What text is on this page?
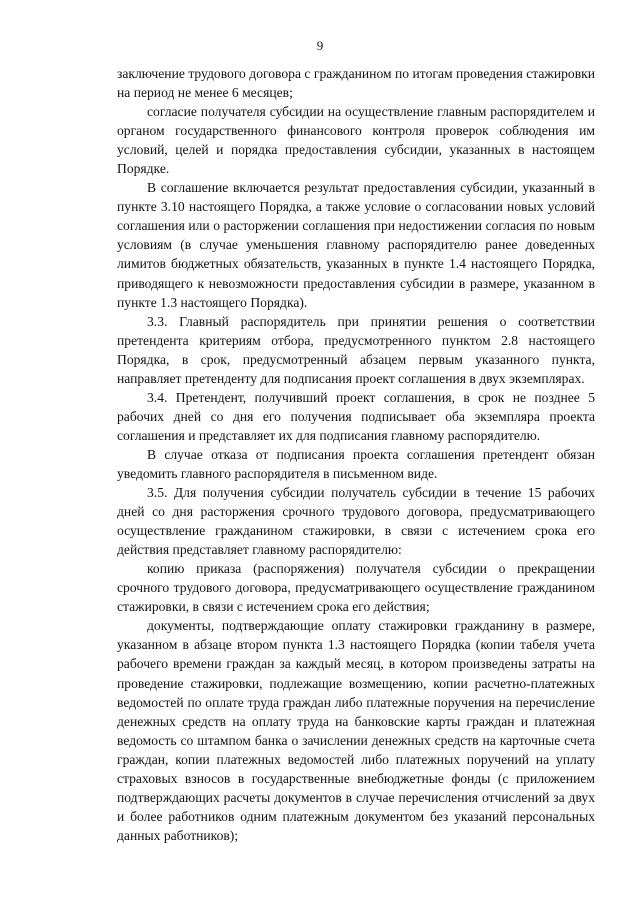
9

заключение трудового договора с гражданином по итогам проведения стажировки на период не менее 6 месяцев;

согласие получателя субсидии на осуществление главным распорядителем и органом государственного финансового контроля проверок соблюдения им условий, целей и порядка предоставления субсидии, указанных в настоящем Порядке.

В соглашение включается результат предоставления субсидии, указанный в пункте 3.10 настоящего Порядка, а также условие о согласовании новых условий соглашения или о расторжении соглашения при недостижении согласия по новым условиям (в случае уменьшения главному распорядителю ранее доведенных лимитов бюджетных обязательств, указанных в пункте 1.4 настоящего Порядка, приводящего к невозможности предоставления субсидии в размере, указанном в пункте 1.3 настоящего Порядка).

3.3. Главный распорядитель при принятии решения о соответствии претендента критериям отбора, предусмотренного пунктом 2.8 настоящего Порядка, в срок, предусмотренный абзацем первым указанного пункта, направляет претенденту для подписания проект соглашения в двух экземплярах.

3.4. Претендент, получивший проект соглашения, в срок не позднее 5 рабочих дней со дня его получения подписывает оба экземпляра проекта соглашения и представляет их для подписания главному распорядителю.

В случае отказа от подписания проекта соглашения претендент обязан уведомить главного распорядителя в письменном виде.

3.5. Для получения субсидии получатель субсидии в течение 15 рабочих дней со дня расторжения срочного трудового договора, предусматривающего осуществление гражданином стажировки, в связи с истечением срока его действия представляет главному распорядителю:

копию приказа (распоряжения) получателя субсидии о прекращении срочного трудового договора, предусматривающего осуществление гражданином стажировки, в связи с истечением срока его действия;

документы, подтверждающие оплату стажировки гражданину в размере, указанном в абзаце втором пункта 1.3 настоящего Порядка (копии табеля учета рабочего времени граждан за каждый месяц, в котором произведены затраты на проведение стажировки, подлежащие возмещению, копии расчетно-платежных ведомостей по оплате труда граждан либо платежные поручения на перечисление денежных средств на оплату труда на банковские карты граждан и платежная ведомость со штампом банка о зачислении денежных средств на карточные счета граждан, копии платежных ведомостей либо платежных поручений на уплату страховых взносов в государственные внебюджетные фонды (с приложением подтверждающих расчеты документов в случае перечисления отчислений за двух и более работников одним платежным документом без указаний персональных данных работников);
